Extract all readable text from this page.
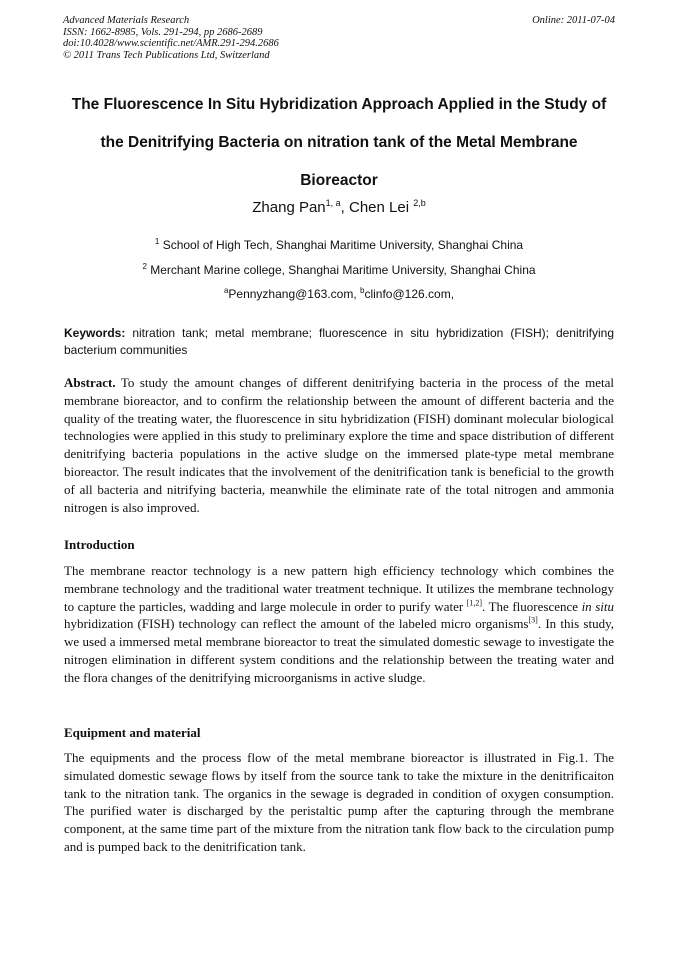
Advanced Materials Research
ISSN: 1662-8985, Vols. 291-294, pp 2686-2689
doi:10.4028/www.scientific.net/AMR.291-294.2686
© 2011 Trans Tech Publications Ltd, Switzerland
Online: 2011-07-04
The Fluorescence In Situ Hybridization Approach Applied in the Study of
the Denitrifying Bacteria on nitration tank of the Metal Membrane
Bioreactor
Zhang Pan$^{1, a}$, Chen Lei $^{2,b}$
$^1$ School of High Tech, Shanghai Maritime University, Shanghai China
$^2$ Merchant Marine college, Shanghai Maritime University, Shanghai China
$^a$Pennyzhang@163.com, $^b$clinfo@126.com,
Keywords: nitration tank; metal membrane; fluorescence in situ hybridization (FISH); denitrifying bacterium communities
Abstract. To study the amount changes of different denitrifying bacteria in the process of the metal membrane bioreactor, and to confirm the relationship between the amount of different bacteria and the quality of the treating water, the fluorescence in situ hybridization (FISH) dominant molecular biological technologies were applied in this study to preliminary explore the time and space distribution of different denitrifying bacteria populations in the active sludge on the immersed plate-type metal membrane bioreactor. The result indicates that the involvement of the denitrification tank is beneficial to the growth of all bacteria and nitrifying bacteria, meanwhile the eliminate rate of the total nitrogen and ammonia nitrogen is also improved.
Introduction
The membrane reactor technology is a new pattern high efficiency technology which combines the membrane technology and the traditional water treatment technique. It utilizes the membrane technology to capture the particles, wadding and large molecule in order to purify water [1,2]. The fluorescence in situ hybridization (FISH) technology can reflect the amount of the labeled micro organisms[3]. In this study, we used a immersed metal membrane bioreactor to treat the simulated domestic sewage to investigate the nitrogen elimination in different system conditions and the relationship between the treating water and the flora changes of the denitrifying microorganisms in active sludge.
Equipment and material
The equipments and the process flow of the metal membrane bioreactor is illustrated in Fig.1. The simulated domestic sewage flows by itself from the source tank to take the mixture in the denitrificaiton tank to the nitration tank. The organics in the sewage is degraded in condition of oxygen consumption. The purified water is discharged by the peristaltic pump after the capturing through the membrane component, at the same time part of the mixture from the nitration tank flow back to the circulation pump and is pumped back to the denitrification tank.
